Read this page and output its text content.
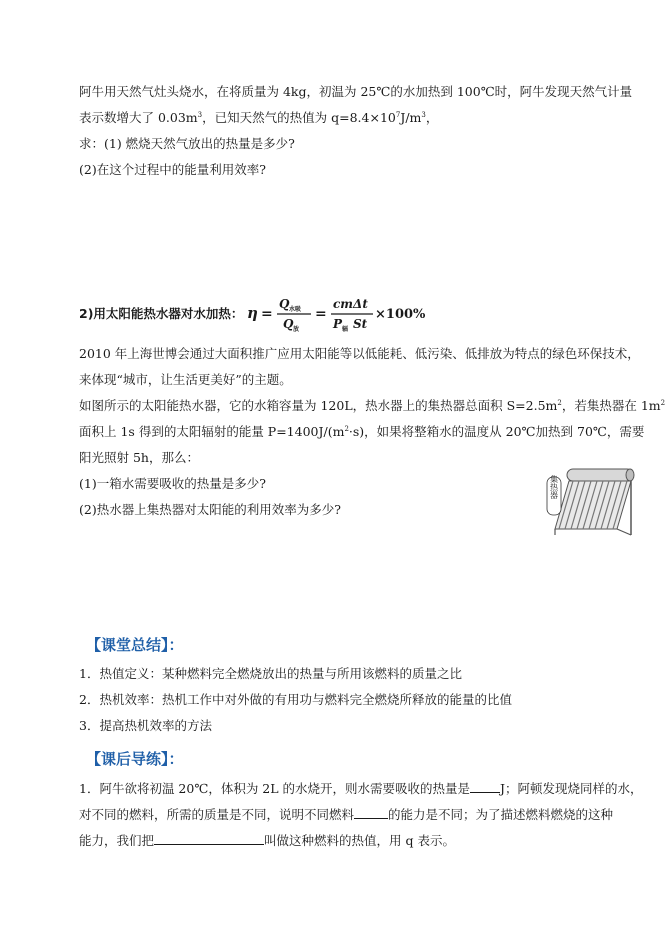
阿牛用天然气灶头烧水，在将质量为 4kg，初温为 25℃的水加热到 100℃时，阿牛发现天然气计量
表示数增大了 $0.03m^3$，已知天然气的热值为 $q=8.4\times 10^7J/m^3$，
求：(1) 燃烧天然气放出的热量是多少?
(2)在这个过程中的能量利用效率?
2)用太阳能热水器对水加热： η =
Q 水吸
Q 放
=
cmΔt
P 辐 St
×100%
2010 年上海世博会通过大面积推广应用太阳能等以低能耗、低污染、低排放为特点的绿色环保技术，
来体现“城市，让生活更美好”的主题。
如图所示的太阳能热水器，它的水箱容量为 120L，热水器上的集热器总面积 $S=2.5m^2$，若集热器在 $1m^2$
面积上 1s 得到的太阳辐射的能量 $P=1400J/(m^2\cdot s)$，如果将整箱水的温度从 20℃加热到 70℃，需要
阳光照射 5h，那么：
(1)一箱水需要吸收的热量是多少?
(2)热水器上集热器对太阳能的利用效率为多少?
集热器
【课堂总结】：
1．热值定义：某种燃料完全燃烧放出的热量与所用该燃料的质量之比
2．热机效率：热机工作中对外做的有用功与燃料完全燃烧所释放的能量的比值
3．提高热机效率的方法
【课后导练】：
1．阿牛欲将初温 20℃，体积为 2L 的水烧开，则水需要吸收的热量是 J；阿顿发现烧同样的水，
对不同的燃料，所需的质量是不同，说明不同燃料	的能力是不同；为了描述燃料燃烧的这种
能力，我们把	叫做这种燃料的热值，用 q 表示。
